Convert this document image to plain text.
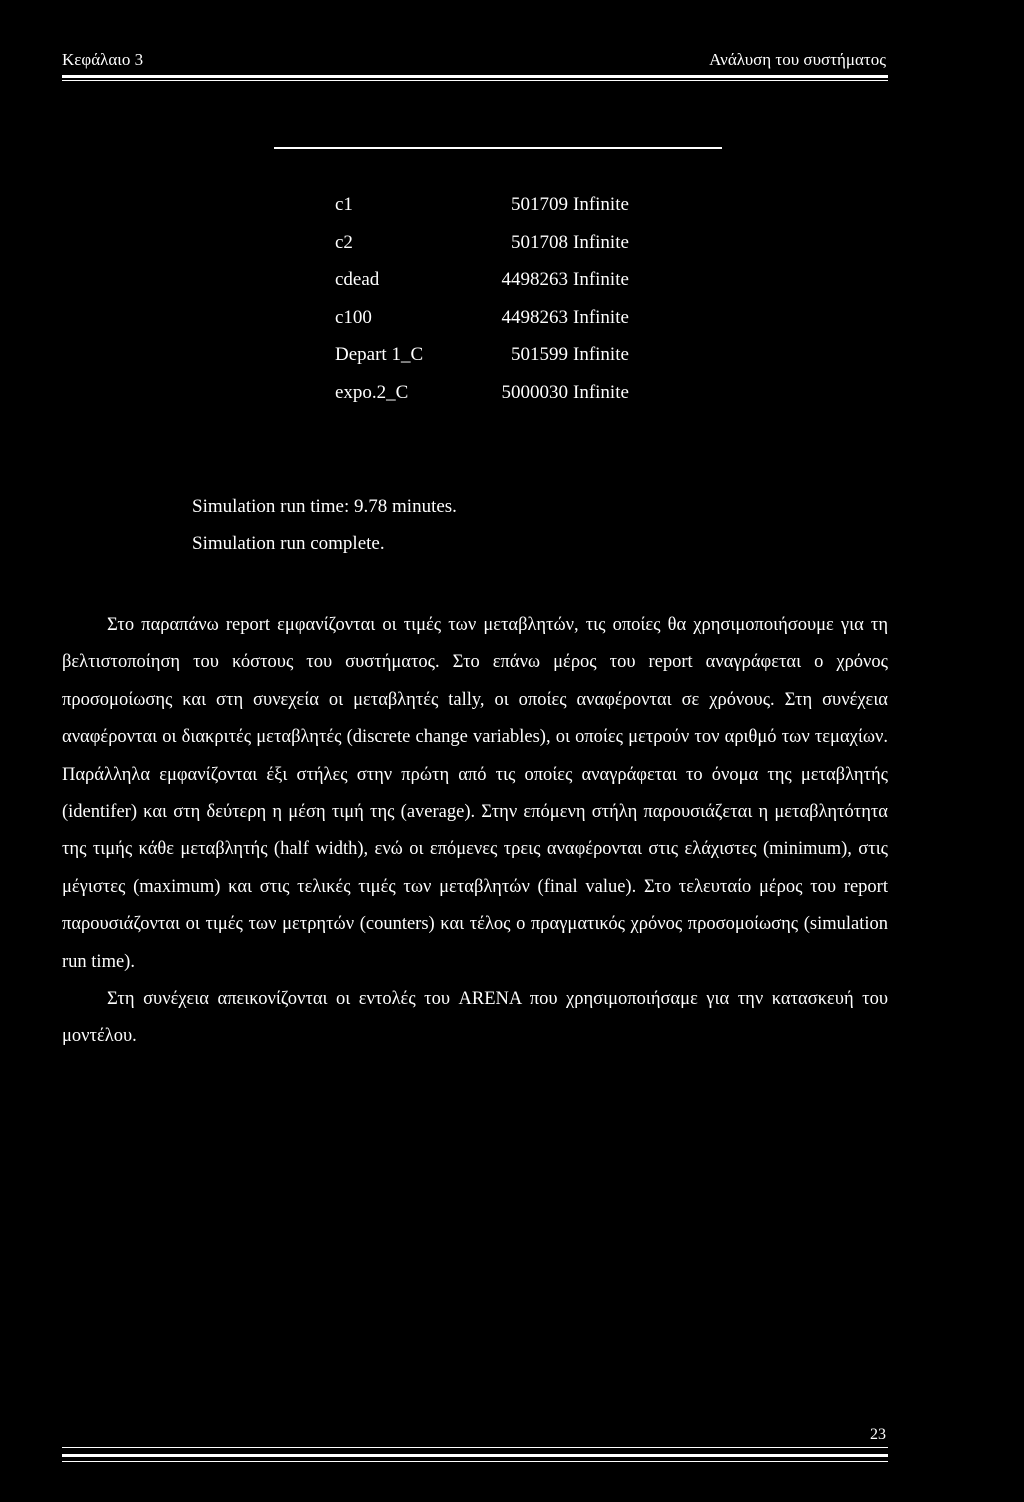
Κεφάλαιο 3	Ανάλυση του συστήματος
c1	501709 Infinite
c2	501708 Infinite
cdead	4498263 Infinite
c100	4498263 Infinite
Depart 1_C	501599 Infinite
expo.2_C	5000030 Infinite
Simulation run time: 9.78 minutes.
Simulation run complete.

Στο παραπάνω report εμφανίζονται οι τιμές των μεταβλητών, τις οποίες θα χρησιμοποιήσουμε για τη βελτιστοποίηση του κόστους του συστήματος. Στο επάνω μέρος του report αναγράφεται ο χρόνος προσομοίωσης και στη συνεχεία οι μεταβλητές tally, οι οποίες αναφέρονται σε χρόνους. Στη συνέχεια αναφέρονται οι διακριτές μεταβλητές (discrete change variables), οι οποίες μετρούν τον αριθμό των τεμαχίων. Παράλληλα εμφανίζονται έξι στήλες στην πρώτη από τις οποίες αναγράφεται το όνομα της μεταβλητής (identifer) και στη δεύτερη η μέση τιμή της (average). Στην επόμενη στήλη παρουσιάζεται η μεταβλητότητα της τιμής κάθε μεταβλητής (half width), ενώ οι επόμενες τρεις αναφέρονται στις ελάχιστες (minimum), στις μέγιστες (maximum) και στις τελικές τιμές των μεταβλητών (final value). Στο τελευταίο μέρος του report παρουσιάζονται οι τιμές των μετρητών (counters) και τέλος ο πραγματικός χρόνος προσομοίωσης (simulation run time).

Στη συνέχεια απεικονίζονται οι εντολές του ARENA που χρησιμοποιήσαμε για την κατασκευή του μοντέλου.

23
